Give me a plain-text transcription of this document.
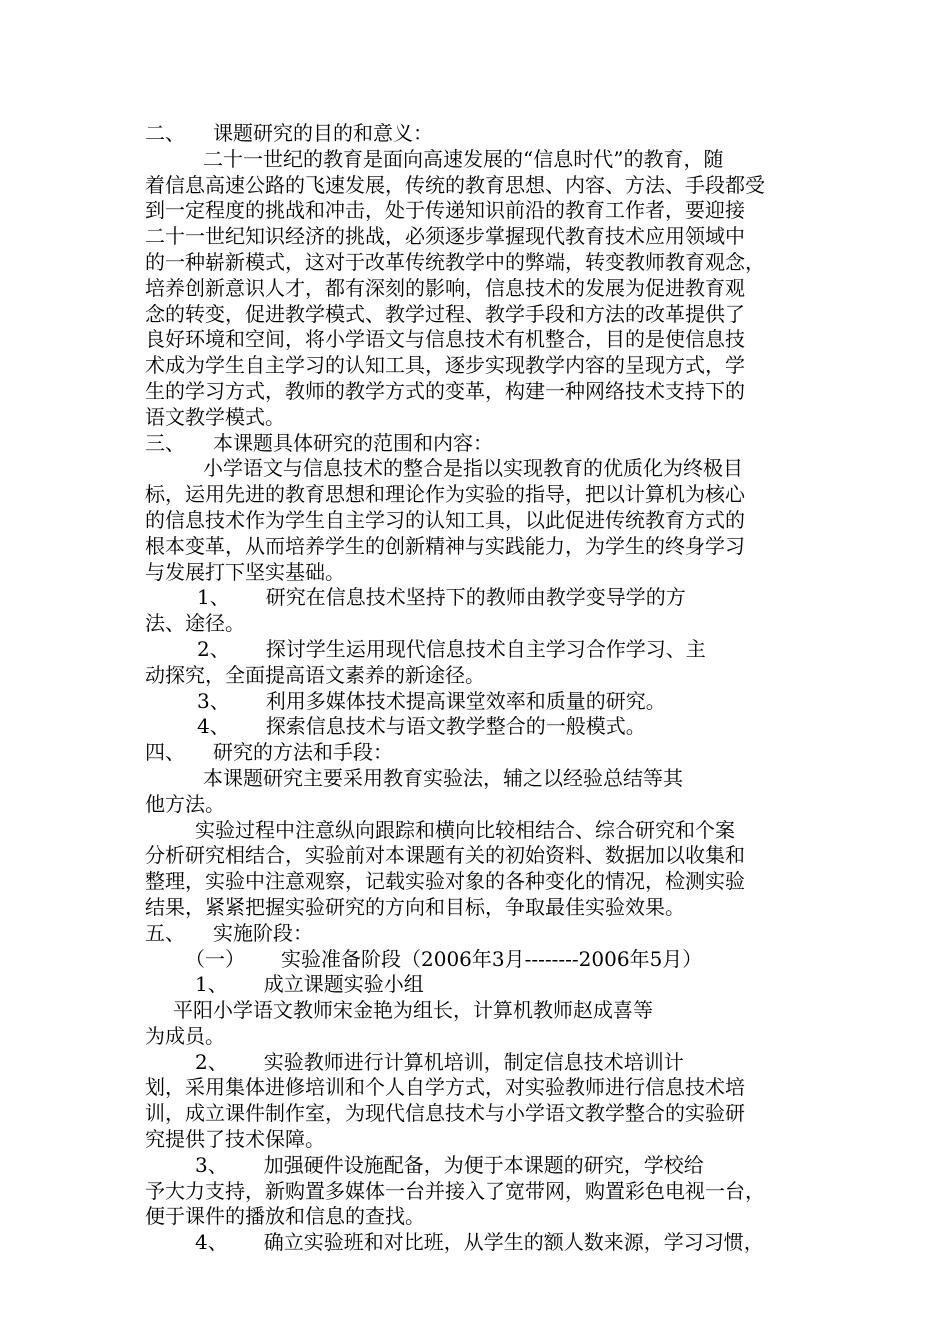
二、 课题研究的目的和意义：
二十一世纪的教育是面向高速发展的“信息时代”的教育，随
着信息高速公路的飞速发展，传统的教育思想、内容、方法、手段都受
到一定程度的挑战和冲击，处于传递知识前沿的教育工作者，要迎接
二十一世纪知识经济的挑战，必须逐步掌握现代教育技术应用领域中
的一种崭新模式，这对于改革传统教学中的弊端，转变教师教育观念，
培养创新意识人才，都有深刻的影响，信息技术的发展为促进教育观
念的转变，促进教学模式、教学过程、教学手段和方法的改革提供了
良好环境和空间，将小学语文与信息技术有机整合，目的是使信息技
术成为学生自主学习的认知工具，逐步实现教学内容的呈现方式，学
生的学习方式，教师的教学方式的变革，构建一种网络技术支持下的
语文教学模式。
三、 本课题具体研究的范围和内容：
小学语文与信息技术的整合是指以实现教育的优质化为终极目
标，运用先进的教育思想和理论作为实验的指导，把以计算机为核心
的信息技术作为学生自主学习的认知工具，以此促进传统教育方式的
根本变革，从而培养学生的创新精神与实践能力，为学生的终身学习
与发展打下坚实基础。
1、 研究在信息技术坚持下的教师由教学变导学的方
法、途径。
2、 探讨学生运用现代信息技术自主学习合作学习、主
动探究，全面提高语文素养的新途径。
3、 利用多媒体技术提高课堂效率和质量的研究。
4、 探索信息技术与语文教学整合的一般模式。
四、 研究的方法和手段：
本课题研究主要采用教育实验法，辅之以经验总结等其
他方法。
实验过程中注意纵向跟踪和横向比较相结合、综合研究和个案
分析研究相结合，实验前对本课题有关的初始资料、数据加以收集和
整理，实验中注意观察，记载实验对象的各种变化的情况，检测实验
结果，紧紧把握实验研究的方向和目标，争取最佳实验效果。
五、 实施阶段：
（一） 实验准备阶段（2006年3月--------2006年5月）
1、 成立课题实验小组
平阳小学语文教师宋金艳为组长，计算机教师赵成喜等
为成员。
2、 实验教师进行计算机培训，制定信息技术培训计
划，采用集体进修培训和个人自学方式，对实验教师进行信息技术培
训，成立课件制作室，为现代信息技术与小学语文教学整合的实验研
究提供了技术保障。
3、 加强硬件设施配备，为便于本课题的研究，学校给
予大力支持，新购置多媒体一台并接入了宽带网，购置彩色电视一台，
便于课件的播放和信息的查找。
4、 确立实验班和对比班，从学生的额人数来源，学习习惯，
